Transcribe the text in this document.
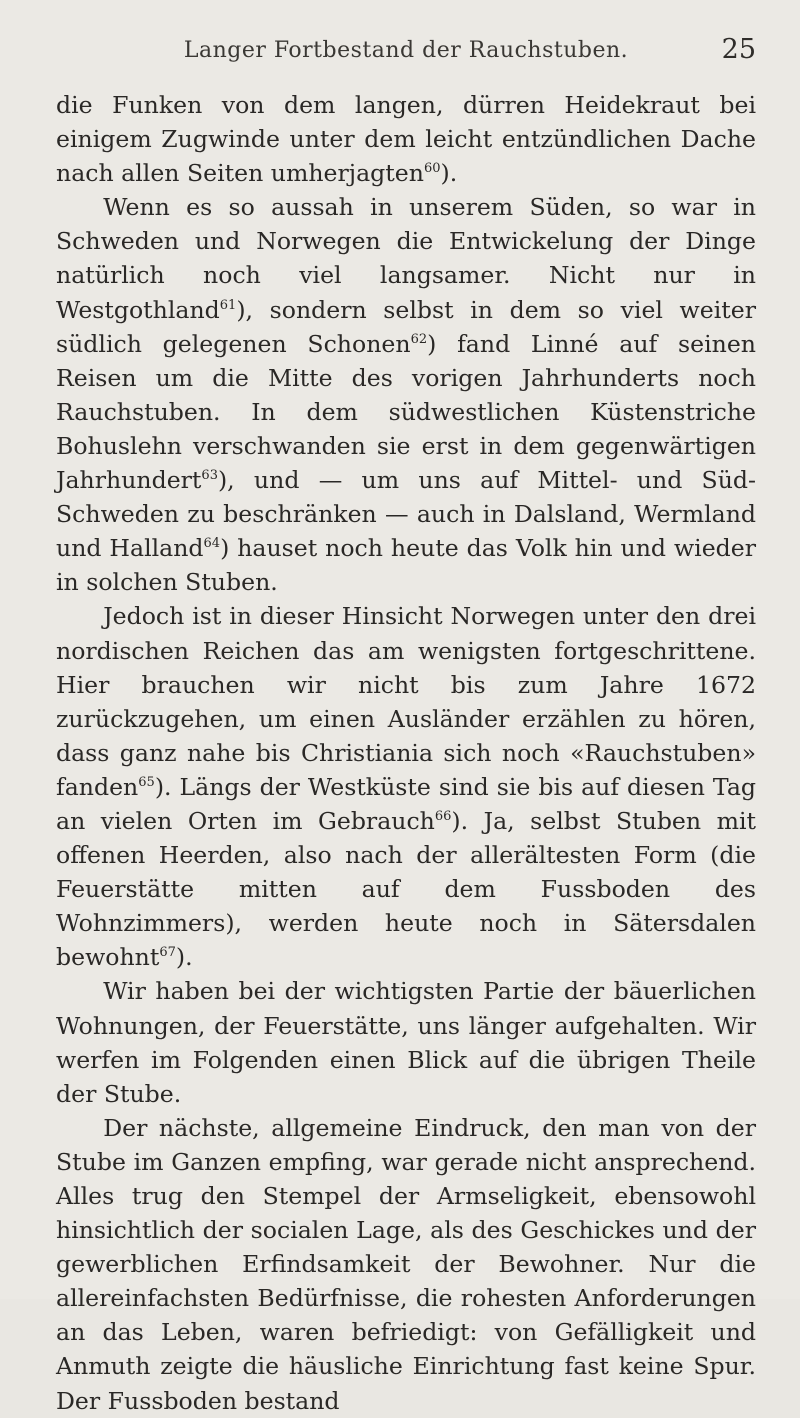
Langer Fortbestand der Rauchstuben.	25

die Funken von dem langen, dürren Heidekraut bei einigem Zugwinde unter dem leicht entzündlichen Dache nach allen Seiten umherjagten$^{60}$).

Wenn es so aussah in unserem Süden, so war in Schweden und Norwegen die Entwickelung der Dinge natürlich noch viel langsamer. Nicht nur in Westgothland$^{61}$), sondern selbst in dem so viel weiter südlich gelegenen Schonen$^{62}$) fand Linné auf seinen Reisen um die Mitte des vorigen Jahrhunderts noch Rauchstuben. In dem südwestlichen Küstenstriche Bohuslehn verschwanden sie erst in dem gegenwärtigen Jahrhundert$^{63}$), und — um uns auf Mittel- und Süd-Schweden zu beschränken — auch in Dalsland, Wermland und Halland$^{64}$) hauset noch heute das Volk hin und wieder in solchen Stuben.

Jedoch ist in dieser Hinsicht Norwegen unter den drei nordischen Reichen das am wenigsten fortgeschrittene. Hier brauchen wir nicht bis zum Jahre 1672 zurückzugehen, um einen Ausländer erzählen zu hören, dass ganz nahe bis Christiania sich noch «Rauchstuben» fanden$^{65}$). Längs der Westküste sind sie bis auf diesen Tag an vielen Orten im Gebrauch$^{66}$). Ja, selbst Stuben mit offenen Heerden, also nach der allerältesten Form (die Feuerstätte mitten auf dem Fussboden des Wohnzimmers), werden heute noch in Sätersdalen bewohnt$^{67}$).

Wir haben bei der wichtigsten Partie der bäuerlichen Wohnungen, der Feuerstätte, uns länger aufgehalten. Wir werfen im Folgenden einen Blick auf die übrigen Theile der Stube.

Der nächste, allgemeine Eindruck, den man von der Stube im Ganzen empfing, war gerade nicht ansprechend. Alles trug den Stempel der Armseligkeit, ebensowohl hinsichtlich der socialen Lage, als des Geschickes und der gewerblichen Erfindsamkeit der Bewohner. Nur die allereinfachsten Bedürfnisse, die rohesten Anforderungen an das Leben, waren befriedigt: von Gefälligkeit und Anmuth zeigte die häusliche Einrichtung fast keine Spur. Der Fussboden bestand
